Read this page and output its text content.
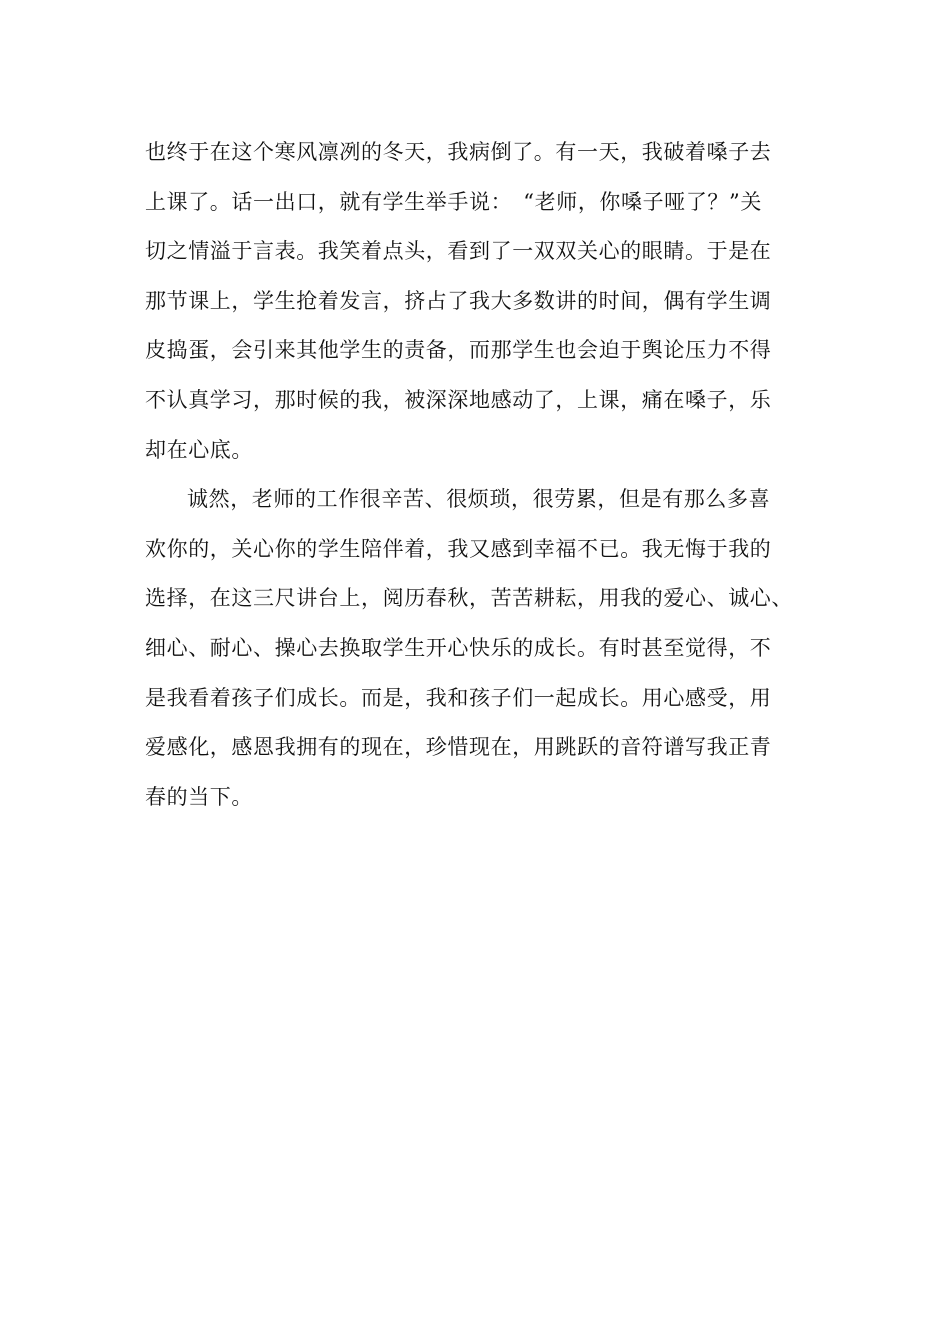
也终于在这个寒风凛冽的冬天，我病倒了。有一天，我破着嗓子去
上课了。话一出口，就有学生举手说：　“老师，你嗓子哑了？”关
切之情溢于言表。我笑着点头，看到了一双双关心的眼睛。于是在
那节课上，学生抢着发言，挤占了我大多数讲的时间，偶有学生调
皮捣蛋，会引来其他学生的责备，而那学生也会迫于舆论压力不得
不认真学习，那时候的我，被深深地感动了，上课，痛在嗓子，乐
却在心底。
诚然，老师的工作很辛苦、很烦琐，很劳累，但是有那么多喜
欢你的，关心你的学生陪伴着，我又感到幸福不已。我无悔于我的
选择，在这三尺讲台上，阅历春秋，苦苦耕耘，用我的爱心、诚心、
细心、耐心、操心去换取学生开心快乐的成长。有时甚至觉得，不
是我看着孩子们成长。而是，我和孩子们一起成长。用心感受，用
爱感化，感恩我拥有的现在，珍惜现在，用跳跃的音符谱写我正青
春的当下。
